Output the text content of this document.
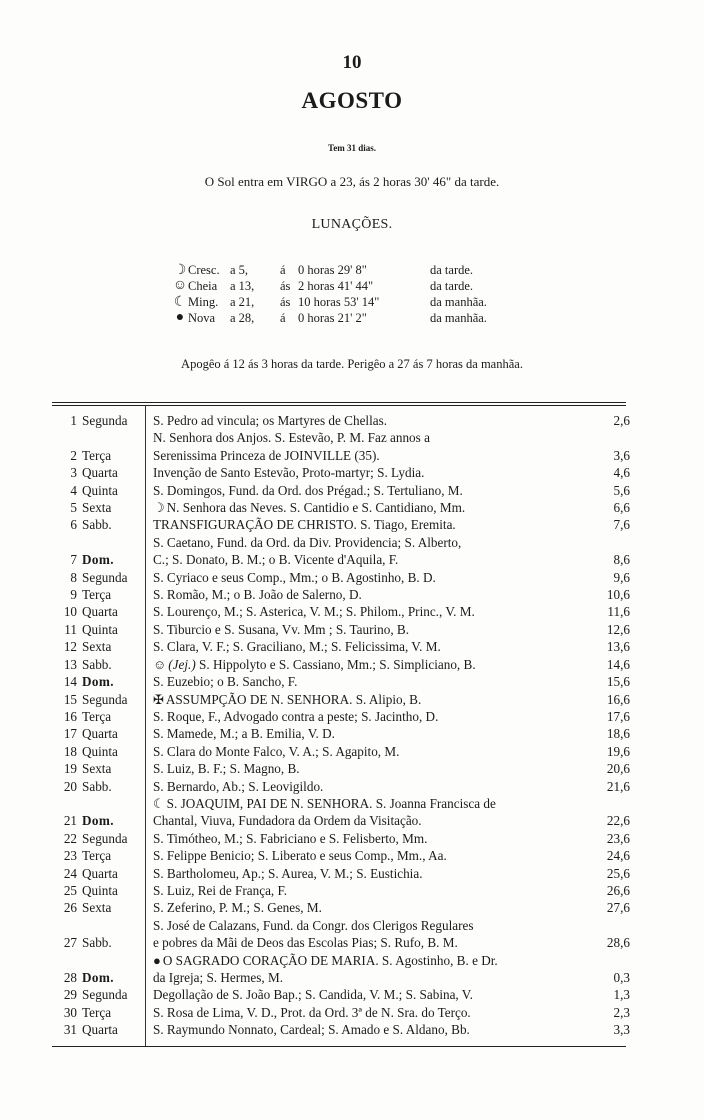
10
AGOSTO
Tem 31 dias.
O Sol entra em VIRGO a 23, ás 2 horas 30' 46" da tarde.
LUNAÇÕES.
☽ Cresc. a 5,	á 0 horas 29' 8"	da tarde.
☺ Cheia	a 13,	ás 2 horas 41' 44"	da tarde.
☾ Ming. a 21,	ás 10 horas 53' 14"	da manhãa.
● Nova	a 28,	á 0 horas 21' 2"	da manhãa.
Apogêo á 12 ás 3 horas da tarde. Perigêo a 27 ás 7 horas da manhãa.
1 Segunda	S. Pedro ad vincula; os Martyres de Chellas.	2,6
2 Terça
N. Senhora dos Anjos. S. Estevão, P. M. Faz annos a
Serenissima Princeza de JOINVILLE (35).	3,6
3 Quarta	Invenção de Santo Estevão, Proto-martyr; S. Lydia.	4,6
4 Quinta	S. Domingos, Fund. da Ord. dos Prégad.; S. Tertuliano, M.	5,6
5 Sexta	☽ N. Senhora das Neves. S. Cantidio e S. Cantidiano, Mm.	6,6
6 Sabb.	TRANSFIGURAÇÃO DE CHRISTO. S. Tiago, Eremita.	7,6
7 Dom.
S. Caetano, Fund. da Ord. da Div. Providencia; S. Alberto,
C.; S. Donato, B. M.; o B. Vicente d'Aquila, F.	8,6
8 Segunda	S. Cyriaco e seus Comp., Mm.; o B. Agostinho, B. D.	9,6
9 Terça	S. Romão, M.; o B. João de Salerno, D.	10,6
10 Quarta	S. Lourenço, M.; S. Asterica, V. M.; S. Philom., Princ., V. M.	11,6
11 Quinta	S. Tiburcio e S. Susana, Vv. Mm ; S. Taurino, B.	12,6
12 Sexta	S. Clara, V. F.; S. Graciliano, M.; S. Felicissima, V. M.	13,6
13 Sabb.	☺ (Jej.) S. Hippolyto e S. Cassiano, Mm.; S. Simpliciano, B.	14,6
14 Dom.	S. Euzebio; o B. Sancho, F.	15,6
15 Segunda	✠ ASSUMPÇÃO DE N. SENHORA. S. Alipio, B.	16,6
16 Terça	S. Roque, F., Advogado contra a peste; S. Jacintho, D.	17,6
17 Quarta	S. Mamede, M.; a B. Emilia, V. D.	18,6
18 Quinta	S. Clara do Monte Falco, V. A.; S. Agapito, M.	19,6
19 Sexta	S. Luiz, B. F.; S. Magno, B.	20,6
20 Sabb.	S. Bernardo, Ab.; S. Leovigildo.	21,6
21 Dom.
☾ S. JOAQUIM, PAI DE N. SENHORA. S. Joanna Francisca de
Chantal, Viuva, Fundadora da Ordem da Visitação.	22,6
22 Segunda	S. Timótheo, M.; S. Fabriciano e S. Felisberto, Mm.	23,6
23 Terça	S. Felippe Benicio; S. Liberato e seus Comp., Mm., Aa.	24,6
24 Quarta	S. Bartholomeu, Ap.; S. Aurea, V. M.; S. Eustichia.	25,6
25 Quinta	S. Luiz, Rei de França, F.	26,6
26 Sexta	S. Zeferino, P. M.; S. Genes, M.	27,6
27 Sabb.
S. José de Calazans, Fund. da Congr. dos Clerigos Regulares
e pobres da Mãi de Deos das Escolas Pias; S. Rufo, B. M.	28,6
28 Dom.
● O SAGRADO CORAÇÃO DE MARIA. S. Agostinho, B. e Dr.
da Igreja; S. Hermes, M.	0,3
29 Segunda	Degollação de S. João Bap.; S. Candida, V. M.; S. Sabina, V.	1,3
30 Terça	S. Rosa de Lima, V. D., Prot. da Ord. 3ª de N. Sra. do Terço.	2,3
31 Quarta	S. Raymundo Nonnato, Cardeal; S. Amado e S. Aldano, Bb.	3,3
